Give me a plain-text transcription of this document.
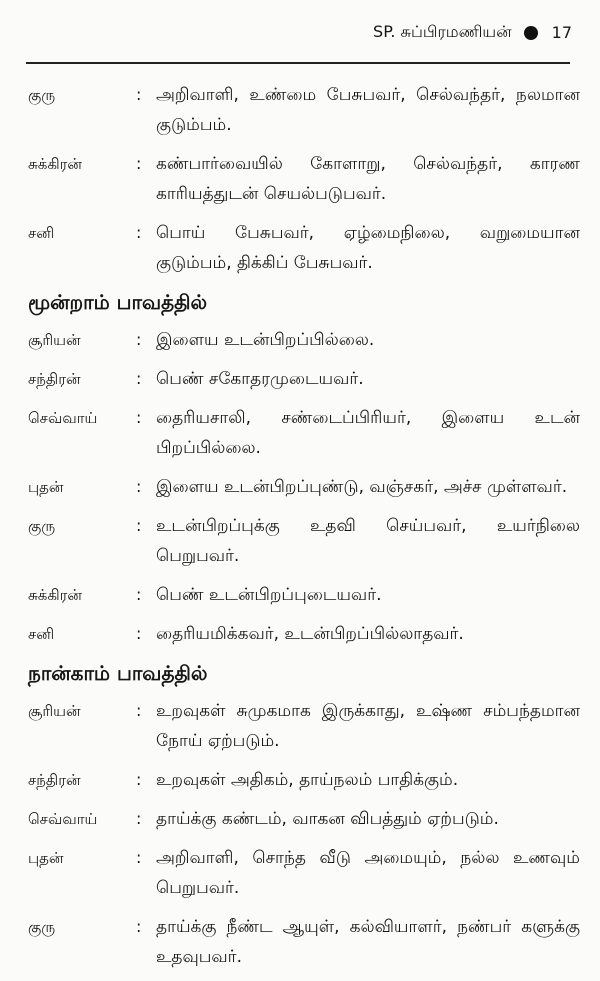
SP. சுப்பிரமணியன்	17
குரு	: அறிவாளி, உண்மை பேசுபவர், செல்வந்தர், நலமான குடும்பம்.
சுக்கிரன்	: கண்பார்வையில் கோளாறு, செல்வந்தர், காரண காரியத்துடன் செயல்படுபவர்.
சனி	: பொய் பேசுபவர், ஏழ்மைநிலை, வறுமையான குடும்பம், திக்கிப் பேசுபவர்.
மூன்றாம் பாவத்தில்
சூரியன்	: இளைய உடன்பிறப்பில்லை.
சந்திரன்	: பெண் சகோதரமுடையவர்.
செவ்வாய்	: தைரியசாலி, சண்டைப்பிரியர், இளைய உடன் பிறப்பில்லை.
புதன்	: இளைய உடன்பிறப்புண்டு, வஞ்சகர், அச்ச முள்ளவர்.
குரு	: உடன்பிறப்புக்கு உதவி செய்பவர், உயர்நிலை பெறுபவர்.
சுக்கிரன்	: பெண் உடன்பிறப்புடையவர்.
சனி	: தைரியமிக்கவர், உடன்பிறப்பில்லாதவர்.
நான்காம் பாவத்தில்
சூரியன்	: உறவுகள் சுமுகமாக இருக்காது, உஷ்ண சம்பந்தமான நோய் ஏற்படும்.
சந்திரன்	: உறவுகள் அதிகம், தாய்நலம் பாதிக்கும்.
செவ்வாய்	: தாய்க்கு கண்டம், வாகன விபத்தும் ஏற்படும்.
புதன்	: அறிவாளி, சொந்த வீடு அமையும், நல்ல உணவும் பெறுபவர்.
குரு	: தாய்க்கு நீண்ட ஆயுள், கல்வியாளர், நண்பர் களுக்கு உதவுபவர்.
